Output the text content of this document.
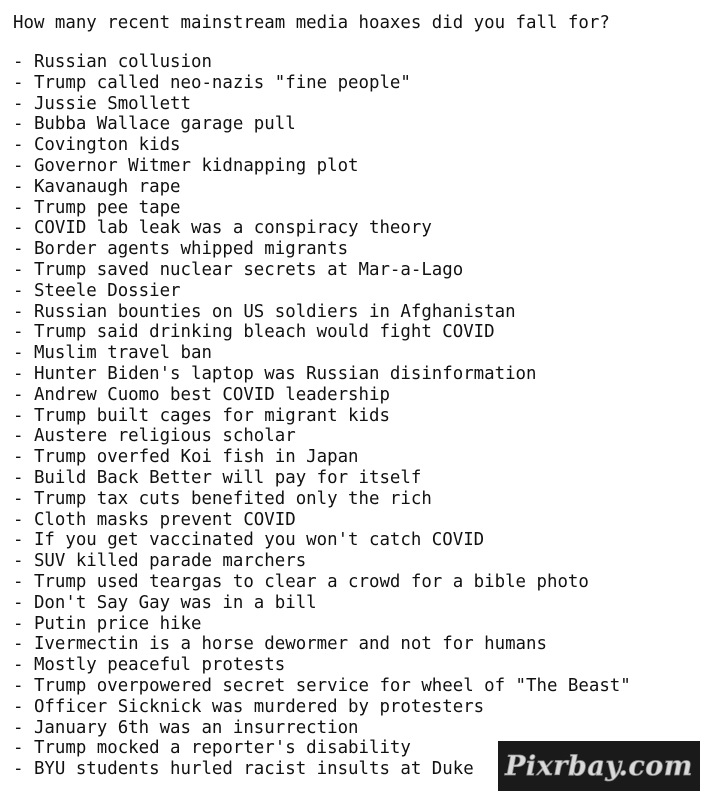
How many recent mainstream media hoaxes did you fall for?
- Russian collusion
- Trump called neo-nazis "fine people"
- Jussie Smollett
- Bubba Wallace garage pull
- Covington kids
- Governor Witmer kidnapping plot
- Kavanaugh rape
- Trump pee tape
- COVID lab leak was a conspiracy theory
- Border agents whipped migrants
- Trump saved nuclear secrets at Mar-a-Lago
- Steele Dossier
- Russian bounties on US soldiers in Afghanistan
- Trump said drinking bleach would fight COVID
- Muslim travel ban
- Hunter Biden's laptop was Russian disinformation
- Andrew Cuomo best COVID leadership
- Trump built cages for migrant kids
- Austere religious scholar
- Trump overfed Koi fish in Japan
- Build Back Better will pay for itself
- Trump tax cuts benefited only the rich
- Cloth masks prevent COVID
- If you get vaccinated you won't catch COVID
- SUV killed parade marchers
- Trump used teargas to clear a crowd for a bible photo
- Don't Say Gay was in a bill
- Putin price hike
- Ivermectin is a horse dewormer and not for humans
- Mostly peaceful protests
- Trump overpowered secret service for wheel of "The Beast"
- Officer Sicknick was murdered by protesters
- January 6th was an insurrection
- Trump mocked a reporter's disability
- BYU students hurled racist insults at Duke	Pixrbay.com
